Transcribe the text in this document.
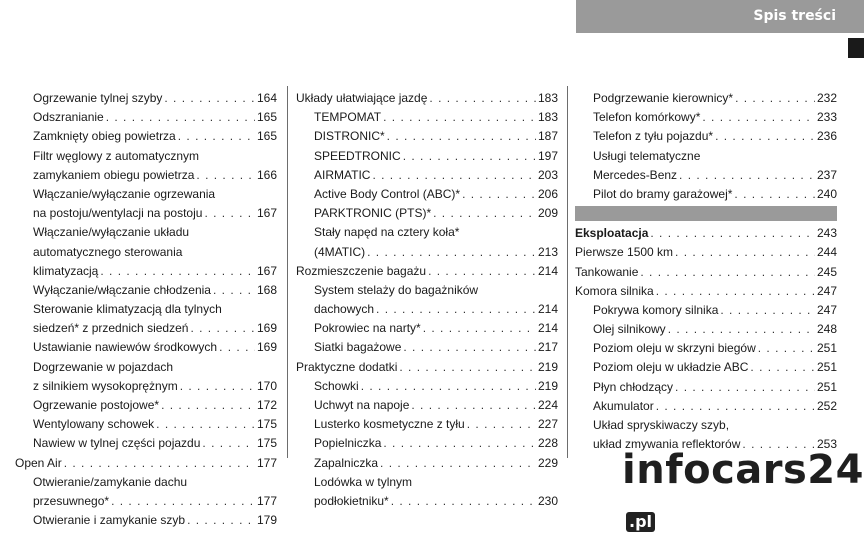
Spis treści
Ogrzewanie tylnej szyby . . .	164
Odszranianie . . .	165
Zamknięty obieg powietrza . . .	165
Filtr węglowy z automatycznym
zamykaniem obiegu powietrza . . .	166
Włączanie/wyłączanie ogrzewania
na postoju/wentylacji na postoju . . .	167
Włączanie/wyłączanie układu
automatycznego sterowania
klimatyzacją . . .	167
Wyłączanie/włączanie chłodzenia . . .	168
Sterowanie klimatyzacją dla tylnych
siedzeń* z przednich siedzeń . . .	169
Ustawianie nawiewów środkowych . . .	169
Dogrzewanie w pojazdach
z silnikiem wysokoprężnym . . .	170
Ogrzewanie postojowe* . . .	172
Wentylowany schowek . . .	175
Nawiew w tylnej części pojazdu . . .	175
Open Air . . .	177
Otwieranie/zamykanie dachu
przesuwnego* . . .	177
Otwieranie i zamykanie szyb . . .	179
Układy ułatwiające jazdę . . .	183
TEMPOMAT . . .	183
DISTRONIC* . . .	187
SPEEDTRONIC . . .	197
AIRMATIC . . .	203
Active Body Control (ABC)* . . .	206
PARKTRONIC (PTS)* . . .	209
Stały napęd na cztery koła*
(4MATIC) . . .	213
Rozmieszczenie bagażu . . .	214
System stelaży do bagażników
dachowych . . .	214
Pokrowiec na narty* . . .	214
Siatki bagażowe . . .	217
Praktyczne dodatki . . .	219
Schowki . . .	219
Uchwyt na napoje . . .	224
Lusterko kosmetyczne z tyłu . . .	227
Popielniczka . . .	228
Zapalniczka . . .	229
Lodówka w tylnym
podłokietniku* . . .	230
Podgrzewanie kierownicy* . . .	232
Telefon komórkowy* . . .	233
Telefon z tyłu pojazdu* . . .	236
Usługi telematyczne
Mercedes-Benz . . .	237
Pilot do bramy garażowej* . . .	240
Eksploatacja . . .	243
Pierwsze 1500 km . . .	244
Tankowanie . . .	245
Komora silnika . . .	247
Pokrywa komory silnika . . .	247
Olej silnikowy . . .	248
Poziom oleju w skrzyni biegów . . .	251
Poziom oleju w układzie ABC . . .	251
Płyn chłodzący . . .	251
Akumulator . . .	252
Układ spryskiwaczy szyb,
układ zmywania reflektorów . . .	253
infocars24.pl
